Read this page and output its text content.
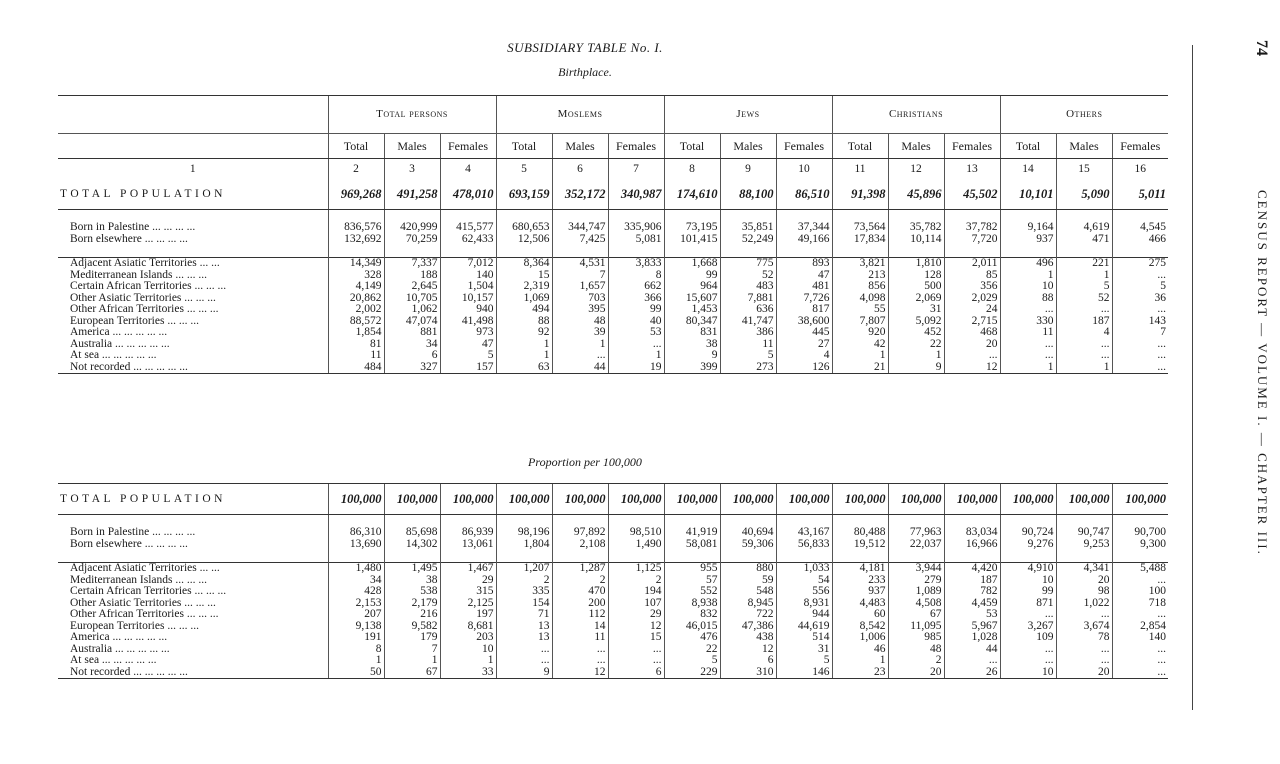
SUBSIDIARY TABLE No. I.
Birthplace.
	Total persons			Moslems			Jews			Christians			Others		
	Total	Males	Females	Total	Males	Females	Total	Males	Females	Total	Males	Females	Total	Males	Females
1	2	3	4	5	6	7	8	9	10	11	12	13	14	15	16
TOTAL POPULATION	969,268	491,258	478,010	693,159	352,172	340,987	174,610	88,100	86,510	91,398	45,896	45,502	10,101	5,090	5,011

Born in Palestine ... ... ... ...	836,576	420,999	415,577	680,653	344,747	335,906	73,195	35,851	37,344	73,564	35,782	37,782	9,164	4,619	4,545
Born elsewhere ... ... ... ...	132,692	70,259	62,433	12,506	7,425	5,081	101,415	52,249	49,166	17,834	10,114	7,720	937	471	466

Adjacent Asiatic Territories ... ...	14,349	7,337	7,012	8,364	4,531	3,833	1,668	775	893	3,821	1,810	2,011	496	221	275
Mediterranean Islands ... ... ...	328	188	140	15	7	8	99	52	47	213	128	85	1	1	...
Certain African Territories ... ... ...	4,149	2,645	1,504	2,319	1,657	662	964	483	481	856	500	356	10	5	5
Other Asiatic Territories ... ... ...	20,862	10,705	10,157	1,069	703	366	15,607	7,881	7,726	4,098	2,069	2,029	88	52	36
Other African Territories ... ... ...	2,002	1,062	940	494	395	99	1,453	636	817	55	31	24	...	...	...
European Territories ... ... ...	88,572	47,074	41,498	88	48	40	80,347	41,747	38,600	7,807	5,092	2,715	330	187	143
America ... ... ... ... ...	1,854	881	973	92	39	53	831	386	445	920	452	468	11	4	7
Australia ... ... ... ... ...	81	34	47	1	1	...	38	11	27	42	22	20	...	...	...
At sea ... ... ... ... ...	11	6	5	1	...	1	9	5	4	1	1	...	...	...	...
Not recorded ... ... ... ... ...	484	327	157	63	44	19	399	273	126	21	9	12	1	1	...
Proportion per 100,000
TOTAL POPULATION	100,000	100,000	100,000	100,000	100,000	100,000	100,000	100,000	100,000	100,000	100,000	100,000	100,000	100,000	100,000

Born in Palestine ... ... ... ...	86,310	85,698	86,939	98,196	97,892	98,510	41,919	40,694	43,167	80,488	77,963	83,034	90,724	90,747	90,700
Born elsewhere ... ... ... ...	13,690	14,302	13,061	1,804	2,108	1,490	58,081	59,306	56,833	19,512	22,037	16,966	9,276	9,253	9,300

Adjacent Asiatic Territories ... ...	1,480	1,495	1,467	1,207	1,287	1,125	955	880	1,033	4,181	3,944	4,420	4,910	4,341	5,488
Mediterranean Islands ... ... ...	34	38	29	2	2	2	57	59	54	233	279	187	10	20	...
Certain African Territories ... ... ...	428	538	315	335	470	194	552	548	556	937	1,089	782	99	98	100
Other Asiatic Territories ... ... ...	2,153	2,179	2,125	154	200	107	8,938	8,945	8,931	4,483	4,508	4,459	871	1,022	718
Other African Territories ... ... ...	207	216	197	71	112	29	832	722	944	60	67	53	...	...	...
European Territories ... ... ...	9,138	9,582	8,681	13	14	12	46,015	47,386	44,619	8,542	11,095	5,967	3,267	3,674	2,854
America ... ... ... ... ...	191	179	203	13	11	15	476	438	514	1,006	985	1,028	109	78	140
Australia ... ... ... ... ...	8	7	10	...	...	...	22	12	31	46	48	44	...	...	...
At sea ... ... ... ... ...	1	1	1	...	...	...	5	6	5	1	2	...	...	...	...
Not recorded ... ... ... ... ...	50	67	33	9	12	6	229	310	146	23	20	26	10	20	...
74
CENSUS REPORT — VOLUME I. — CHAPTER III.
